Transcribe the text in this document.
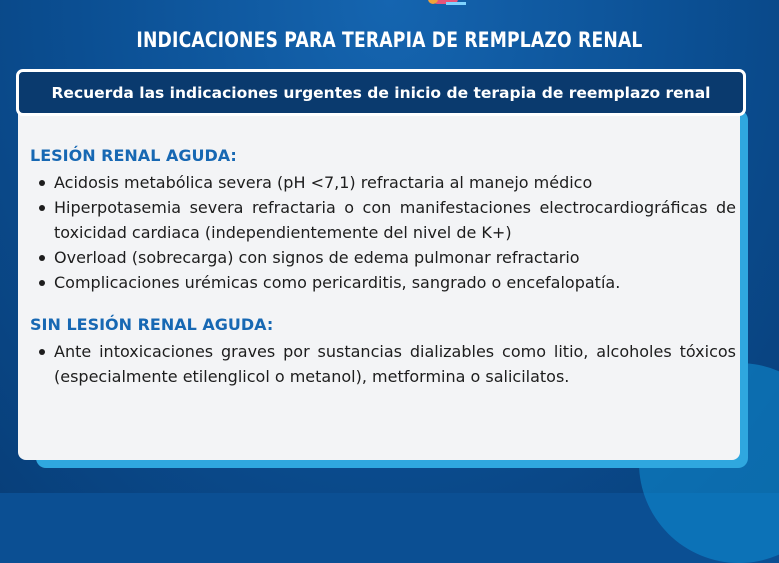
INDICACIONES PARA TERAPIA DE REMPLAZO RENAL
Recuerda las indicaciones urgentes de inicio de terapia de reemplazo renal
LESIÓN RENAL AGUDA:
Acidosis metabólica severa (pH <7,1) refractaria al manejo médico
Hiperpotasemia severa refractaria o con manifestaciones electrocardiográficas de toxicidad cardiaca (independientemente del nivel de K+)
Overload (sobrecarga) con signos de edema pulmonar refractario
Complicaciones urémicas como pericarditis, sangrado o encefalopatía.
SIN LESIÓN RENAL AGUDA:
Ante intoxicaciones graves por sustancias dializables como litio, alcoholes tóxicos (especialmente etilenglicol o metanol), metformina o salicilatos.
